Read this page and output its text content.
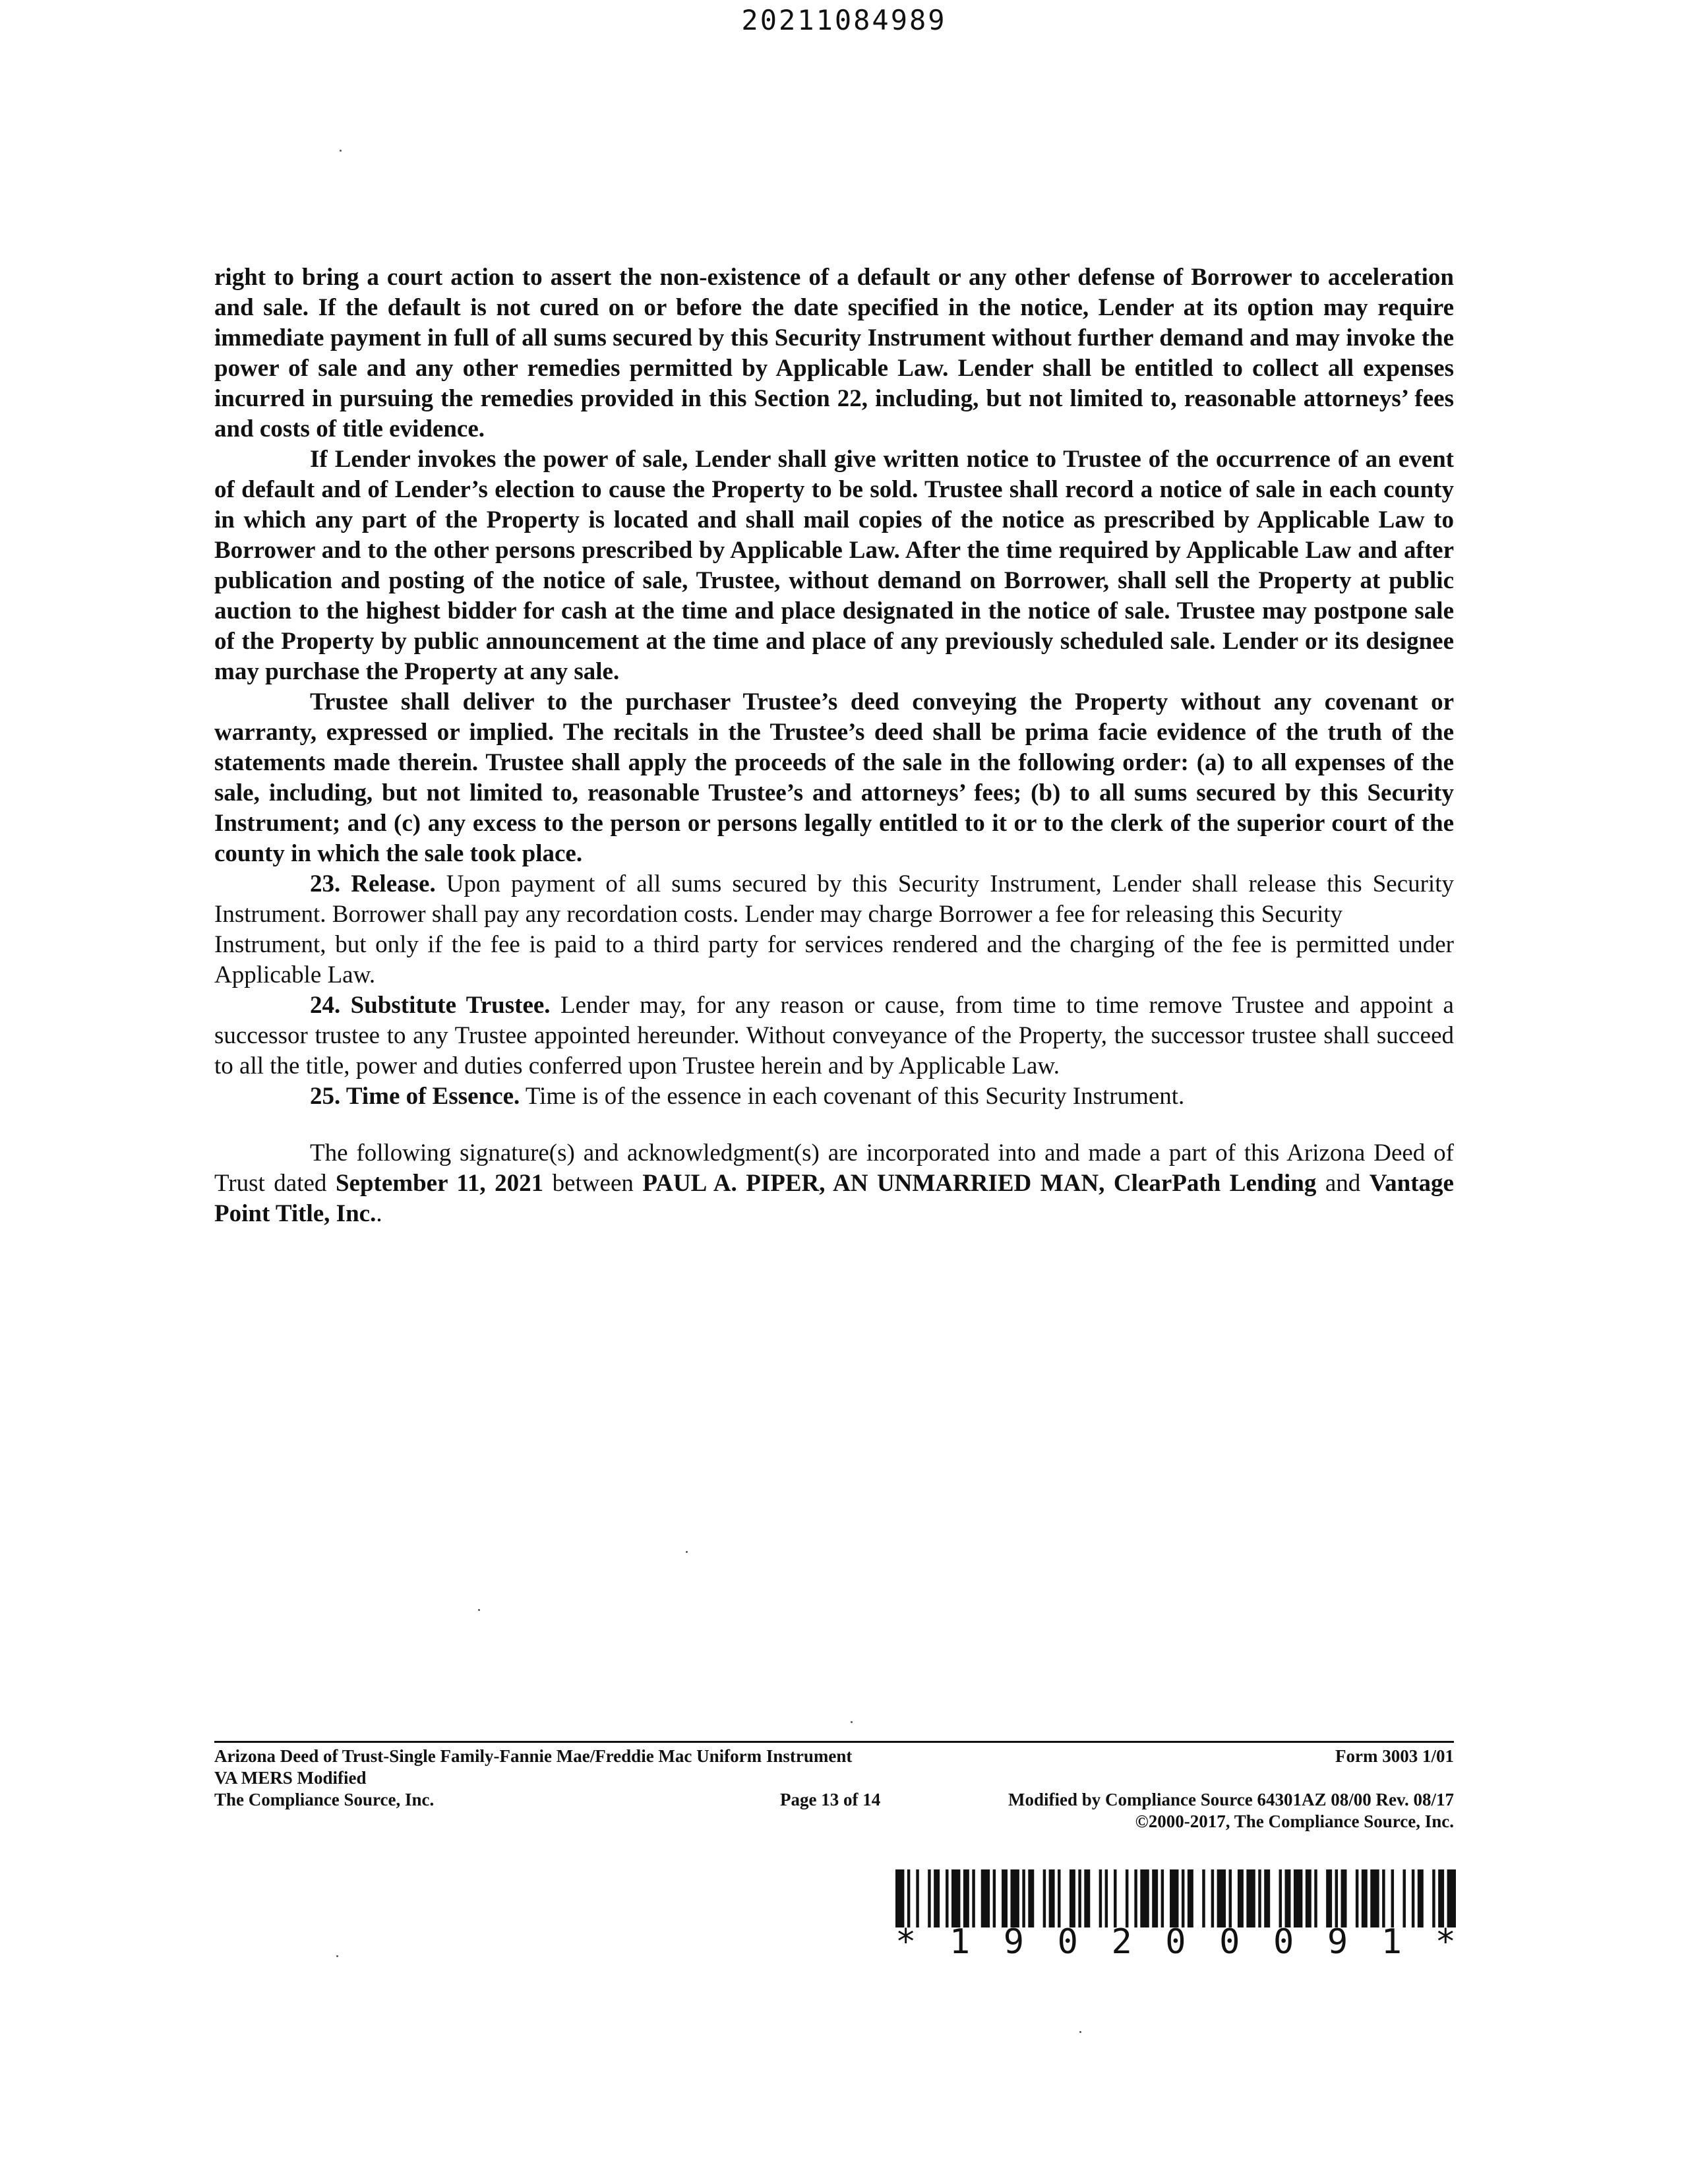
20211084989

right to bring a court action to assert the non-existence of a default or any other defense of Borrower to acceleration and sale. If the default is not cured on or before the date specified in the notice, Lender at its option may require immediate payment in full of all sums secured by this Security Instrument without further demand and may invoke the power of sale and any other remedies permitted by Applicable Law. Lender shall be entitled to collect all expenses incurred in pursuing the remedies provided in this Section 22, including, but not limited to, reasonable attorneys’ fees and costs of title evidence.

If Lender invokes the power of sale, Lender shall give written notice to Trustee of the occurrence of an event of default and of Lender’s election to cause the Property to be sold. Trustee shall record a notice of sale in each county in which any part of the Property is located and shall mail copies of the notice as prescribed by Applicable Law to Borrower and to the other persons prescribed by Applicable Law. After the time required by Applicable Law and after publication and posting of the notice of sale, Trustee, without demand on Borrower, shall sell the Property at public auction to the highest bidder for cash at the time and place designated in the notice of sale. Trustee may postpone sale of the Property by public announcement at the time and place of any previously scheduled sale. Lender or its designee may purchase the Property at any sale.

Trustee shall deliver to the purchaser Trustee’s deed conveying the Property without any covenant or warranty, expressed or implied. The recitals in the Trustee’s deed shall be prima facie evidence of the truth of the statements made therein. Trustee shall apply the proceeds of the sale in the following order: (a) to all expenses of the sale, including, but not limited to, reasonable Trustee’s and attorneys’ fees; (b) to all sums secured by this Security Instrument; and (c) any excess to the person or persons legally entitled to it or to the clerk of the superior court of the county in which the sale took place.

23. Release. Upon payment of all sums secured by this Security Instrument, Lender shall release this Security Instrument. Borrower shall pay any recordation costs. Lender may charge Borrower a fee for releasing this Security

Instrument, but only if the fee is paid to a third party for services rendered and the charging of the fee is permitted under Applicable Law.

24. Substitute Trustee. Lender may, for any reason or cause, from time to time remove Trustee and appoint a successor trustee to any Trustee appointed hereunder. Without conveyance of the Property, the successor trustee shall succeed to all the title, power and duties conferred upon Trustee herein and by Applicable Law.

25. Time of Essence. Time is of the essence in each covenant of this Security Instrument.

The following signature(s) and acknowledgment(s) are incorporated into and made a part of this Arizona Deed of Trust dated September 11, 2021 between PAUL A. PIPER, AN UNMARRIED MAN, ClearPath Lending and Vantage Point Title, Inc..

Arizona Deed of Trust-Single Family-Fannie Mae/Freddie Mac Uniform Instrument	Form 3003 1/01
VA MERS Modified
The Compliance Source, Inc.	Page 13 of 14	Modified by Compliance Source 64301AZ 08/00 Rev. 08/17
©2000-2017, The Compliance Source, Inc.
* 1 9 0 2 0 0 0 9 1 *
